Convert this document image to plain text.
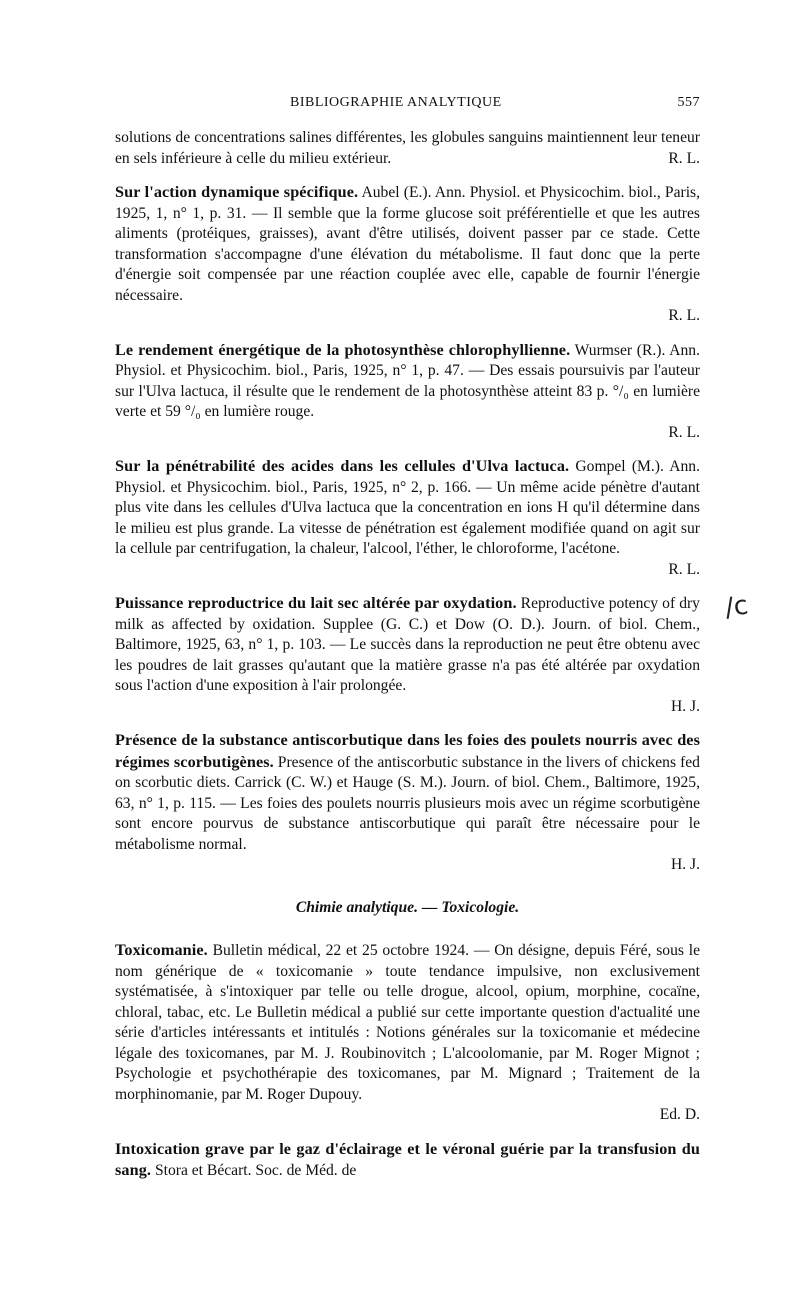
BIBLIOGRAPHIE ANALYTIQUE	557

solutions de concentrations salines différentes, les globules sanguins maintiennent leur teneur en sels inférieure à celle du milieu extérieur.	R. L.

Sur l'action dynamique spécifique. Aubel (E.). Ann. Physiol. et Physicochim. biol., Paris, 1925, 1, n° 1, p. 31. — Il semble que la forme glucose soit préférentielle et que les autres aliments (protéiques, graisses), avant d'être utilisés, doivent passer par ce stade. Cette transformation s'accompagne d'une élévation du métabolisme. Il faut donc que la perte d'énergie soit compensée par une réaction couplée avec elle, capable de fournir l'énergie nécessaire.
R. L.

Le rendement énergétique de la photosynthèse chlorophyllienne. Wurmser (R.). Ann. Physiol. et Physicochim. biol., Paris, 1925, n° 1, p. 47. — Des essais poursuivis par l'auteur sur l'Ulva lactuca, il résulte que le rendement de la photosynthèse atteint 83 p. °/₀ en lumière verte et 59 °/₀ en lumière rouge.
R. L.

Sur la pénétrabilité des acides dans les cellules d'Ulva lactuca. Gompel (M.). Ann. Physiol. et Physicochim. biol., Paris, 1925, n° 2, p. 166. — Un même acide pénètre d'autant plus vite dans les cellules d'Ulva lactuca que la concentration en ions H qu'il détermine dans le milieu est plus grande. La vitesse de pénétration est également modifiée quand on agit sur la cellule par centrifugation, la chaleur, l'alcool, l'éther, le chloroforme, l'acétone.
R. L.

Puissance reproductrice du lait sec altérée par oxydation. Reproductive potency of dry milk as affected by oxidation. Supplee (G. C.) et Dow (O. D.). Journ. of biol. Chem., Baltimore, 1925, 63, n° 1, p. 103. — Le succès dans la reproduction ne peut être obtenu avec les poudres de lait grasses qu'autant que la matière grasse n'a pas été altérée par oxydation sous l'action d'une exposition à l'air prolongée.
H. J.

Présence de la substance antiscorbutique dans les foies des poulets nourris avec des régimes scorbutigènes. Presence of the antiscorbutic substance in the livers of chickens fed on scorbutic diets. Carrick (C. W.) et Hauge (S. M.). Journ. of biol. Chem., Baltimore, 1925, 63, n° 1, p. 115. — Les foies des poulets nourris plusieurs mois avec un régime scorbutigène sont encore pourvus de substance antiscorbutique qui paraît être nécessaire pour le métabolisme normal.
H. J.

Chimie analytique. — Toxicologie.

Toxicomanie. Bulletin médical, 22 et 25 octobre 1924. — On désigne, depuis Féré, sous le nom générique de « toxicomanie » toute tendance impulsive, non exclusivement systématisée, à s'intoxiquer par telle ou telle drogue, alcool, opium, morphine, cocaïne, chloral, tabac, etc. Le Bulletin médical a publié sur cette importante question d'actualité une série d'articles intéressants et intitulés : Notions générales sur la toxicomanie et médecine légale des toxicomanes, par M. J. Roubinovitch ; L'alcoolomanie, par M. Roger Mignot ; Psychologie et psychothérapie des toxicomanes, par M. Mignard ; Traitement de la morphinomanie, par M. Roger Dupouy.
Ed. D.

Intoxication grave par le gaz d'éclairage et le véronal guérie par la transfusion du sang. Stora et Bécart. Soc. de Méd. de

/c
